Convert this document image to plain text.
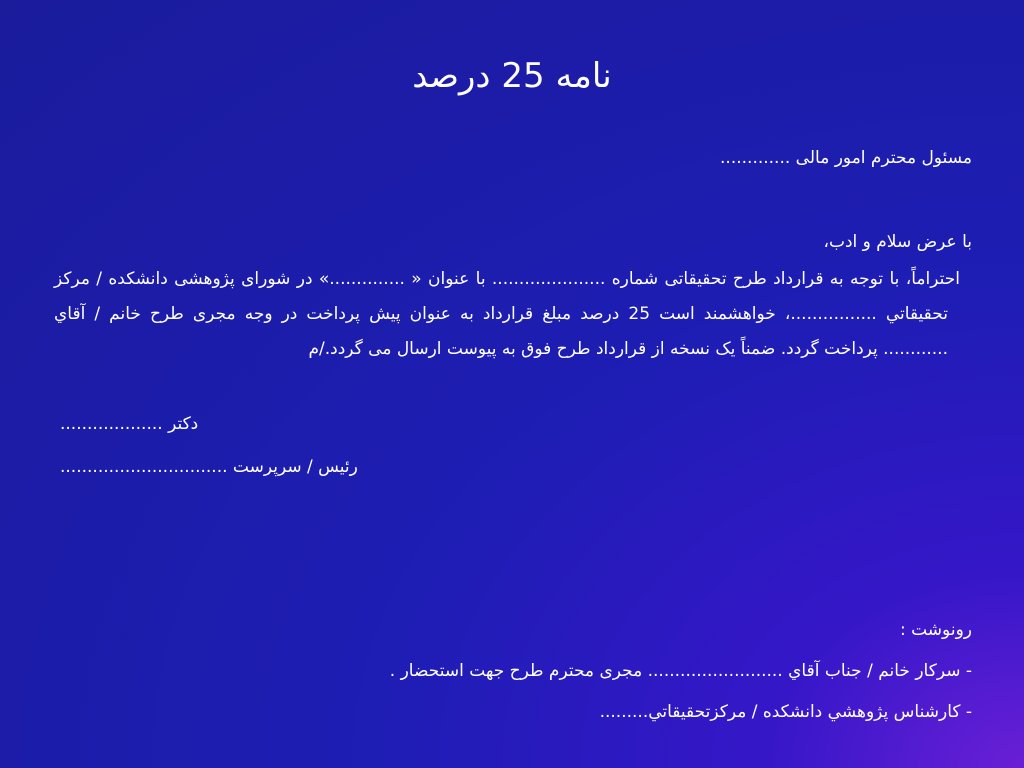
نامه 25 درصد
مسئول محترم امور مالی .............
با عرض سلام و ادب،
احتراماً، با توجه به قرارداد طرح تحقيقاتی شماره ..................... با عنوان « ..............» در شورای پژوهشی دانشکده / مرکز تحقيقاتي ................، خواهشمند است 25 درصد مبلغ قرارداد به عنوان پيش پرداخت در وجه مجری طرح خانم / آقاي ............ پرداخت گردد. ضمناً يک نسخه از قرارداد طرح فوق به پيوست ارسال می گردد./م
دکتر ...................
رئيس / سرپرست ...............................
رونوشت :
- سرکار خانم / جناب آقاي ......................... مجری محترم طرح جهت استحضار .
- کارشناس پژوهشي دانشکده / مرکزتحقيقاتي.........
